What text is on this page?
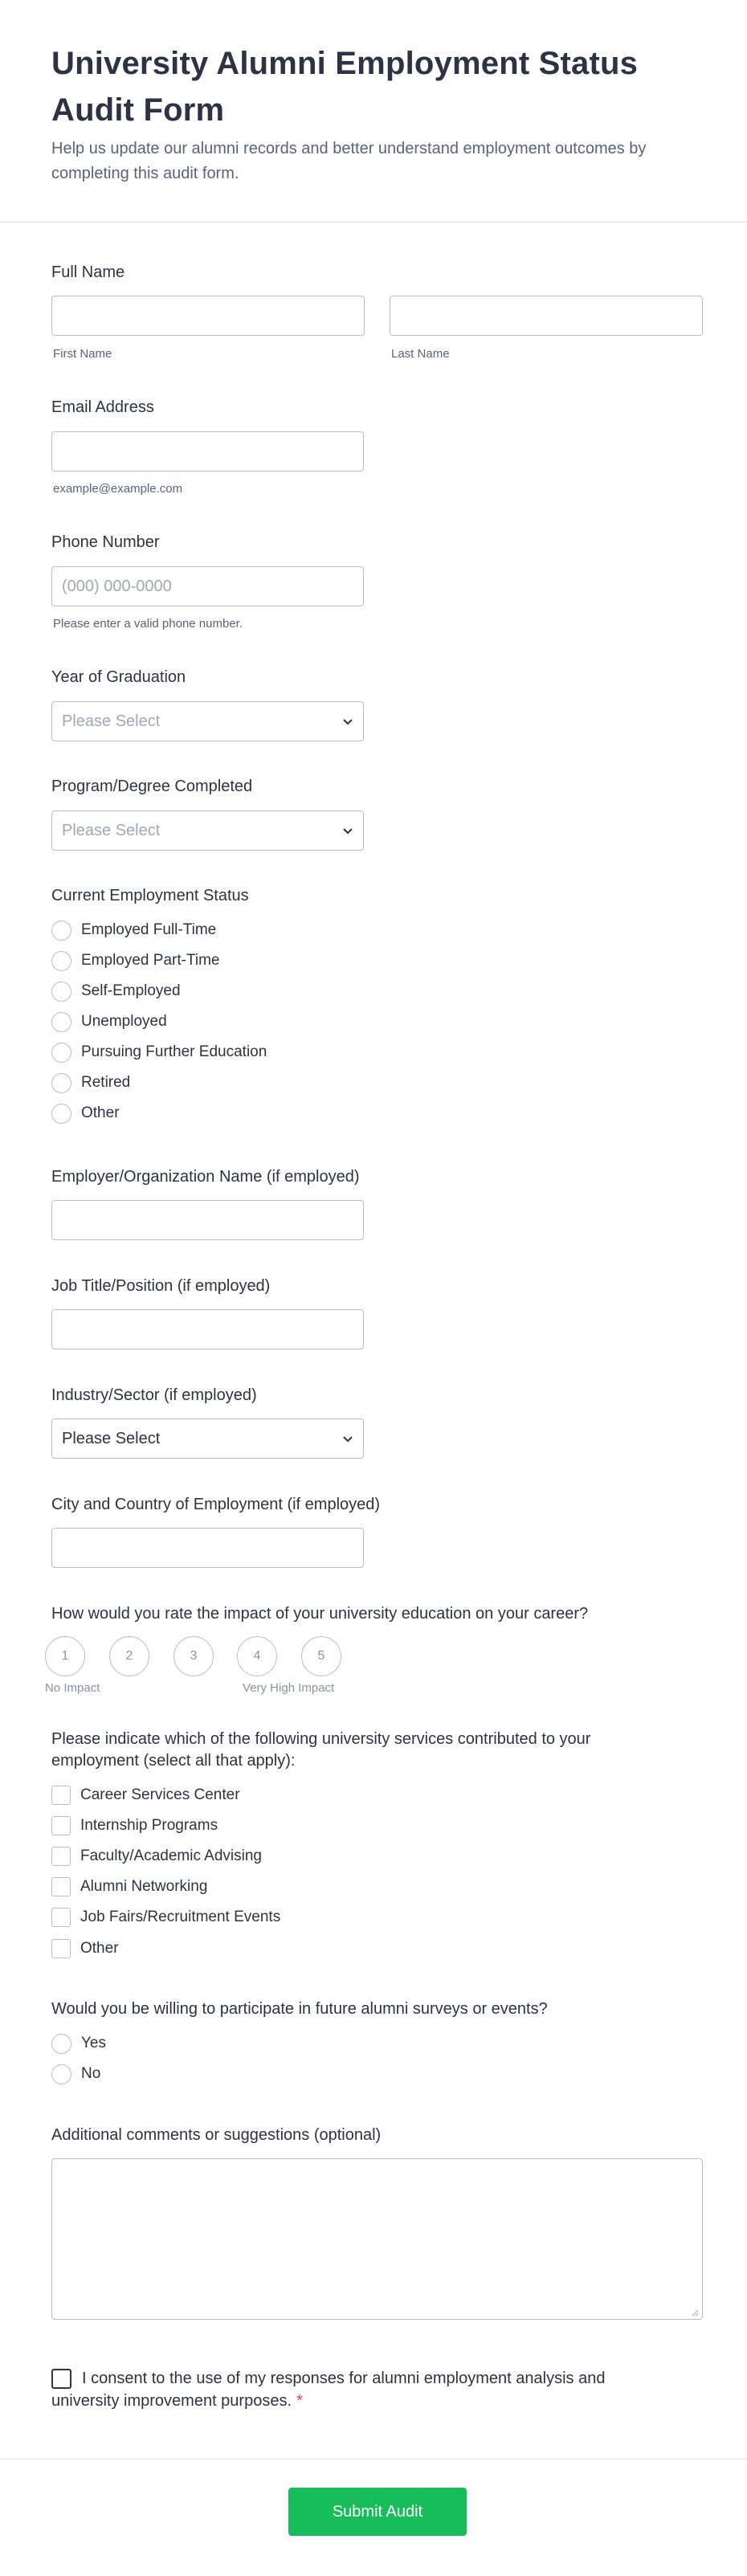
University Alumni Employment Status Audit Form
Help us update our alumni records and better understand employment outcomes by completing this audit form.
Full Name
First Name	Last Name
Email Address
example@example.com
Phone Number
(000) 000-0000
Please enter a valid phone number.
Year of Graduation
Please Select
Program/Degree Completed
Please Select
Current Employment Status
Employed Full-Time
Employed Part-Time
Self-Employed
Unemployed
Pursuing Further Education
Retired
Other
Employer/Organization Name (if employed)
Job Title/Position (if employed)
Industry/Sector (if employed)
Please Select
City and Country of Employment (if employed)
How would you rate the impact of your university education on your career?
1	2	3	4	5
No Impact	Very High Impact
Please indicate which of the following university services contributed to your employment (select all that apply):
Career Services Center
Internship Programs
Faculty/Academic Advising
Alumni Networking
Job Fairs/Recruitment Events
Other
Would you be willing to participate in future alumni surveys or events?
Yes
No
Additional comments or suggestions (optional)
I consent to the use of my responses for alumni employment analysis and university improvement purposes. *
Submit Audit
